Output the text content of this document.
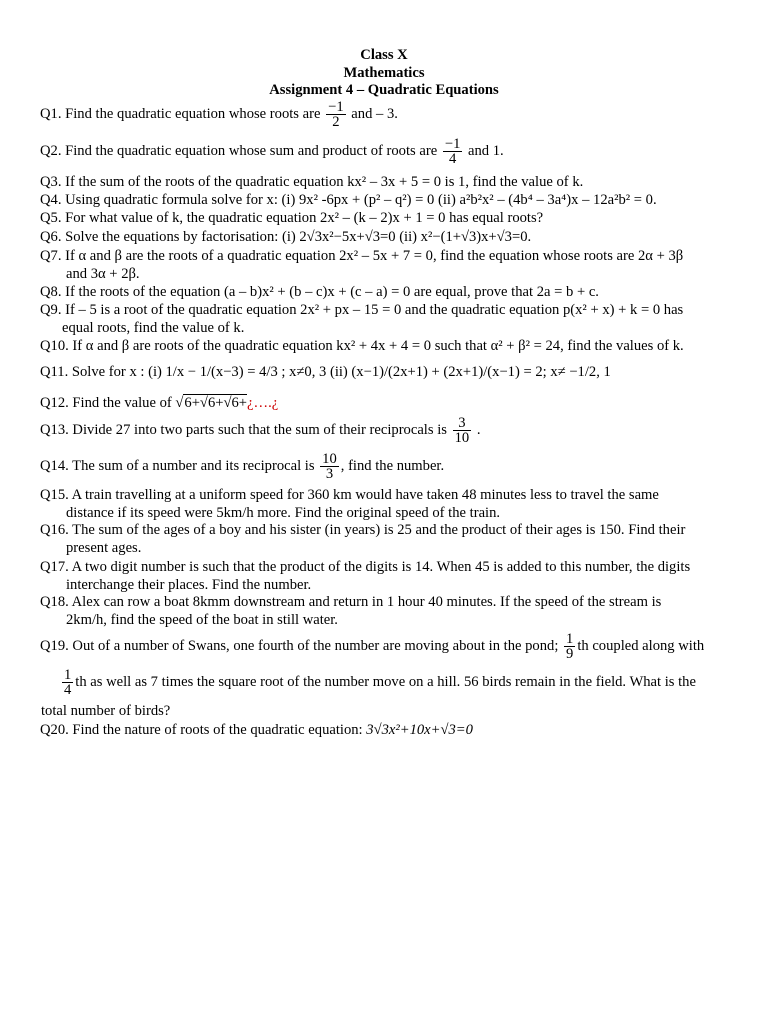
Class X
Mathematics
Assignment 4 – Quadratic Equations
Q1. Find the quadratic equation whose roots are $\frac{-1}{2}$ and – 3.
Q2. Find the quadratic equation whose sum and product of roots are $\frac{-1}{4}$ and 1.
Q3. If the sum of the roots of the quadratic equation kx² – 3x + 5 = 0 is 1, find the value of k.
Q4. Using quadratic formula solve for x: (i) 9x² -6px + (p² – q²) = 0 (ii) a²b²x² – (4b⁴ – 3a⁴)x – 12a²b² = 0.
Q5. For what value of k, the quadratic equation 2x² – (k – 2)x + 1 = 0 has equal roots?
Q6. Solve the equations by factorisation: (i) 2√3x²−5x+√3=0 (ii) x²−(1+√3)x+√3=0.
Q7. If α and β are the roots of a quadratic equation 2x² – 5x + 7 = 0, find the equation whose roots are 2α + 3β
and 3α + 2β.
Q8. If the roots of the equation (a – b)x² + (b – c)x + (c – a) = 0 are equal, prove that 2a = b + c.
Q9. If – 5 is a root of the quadratic equation 2x² + px – 15 = 0 and the quadratic equation p(x² + x) + k = 0 has
equal roots, find the value of k.
Q10. If α and β are roots of the quadratic equation kx² + 4x + 4 = 0 such that α² + β² = 24, find the values of k.
Q11. Solve for x : (i) 1/x − 1/(x−3) = 4/3 ; x≠0, 3 (ii) (x−1)/(2x+1) + (2x+1)/(x−1) = 2; x≠ −1/2, 1
Q12. Find the value of √6+√6+√6+¿….¿
Q13. Divide 27 into two parts such that the sum of their reciprocals is $\frac{3}{10}$ .
Q14. The sum of a number and its reciprocal is $\frac{10}{3}$ , find the number.
Q15. A train travelling at a uniform speed for 360 km would have taken 48 minutes less to travel the same
distance if its speed were 5km/h more. Find the original speed of the train.
Q16. The sum of the ages of a boy and his sister (in years) is 25 and the product of their ages is 150. Find their
present ages.
Q17. A two digit number is such that the product of the digits is 14. When 45 is added to this number, the digits
interchange their places. Find the number.
Q18. Alex can row a boat 8kmm downstream and return in 1 hour 40 minutes. If the speed of the stream is
2km/h, find the speed of the boat in still water.
Q19. Out of a number of Swans, one fourth of the number are moving about in the pond; $\frac{1}{9}$ th coupled along with
$\frac{1}{4}$ th as well as 7 times the square root of the number move on a hill. 56 birds remain in the field. What is the
total number of birds?
Q20. Find the nature of roots of the quadratic equation: 3√3x²+10x+√3=0
